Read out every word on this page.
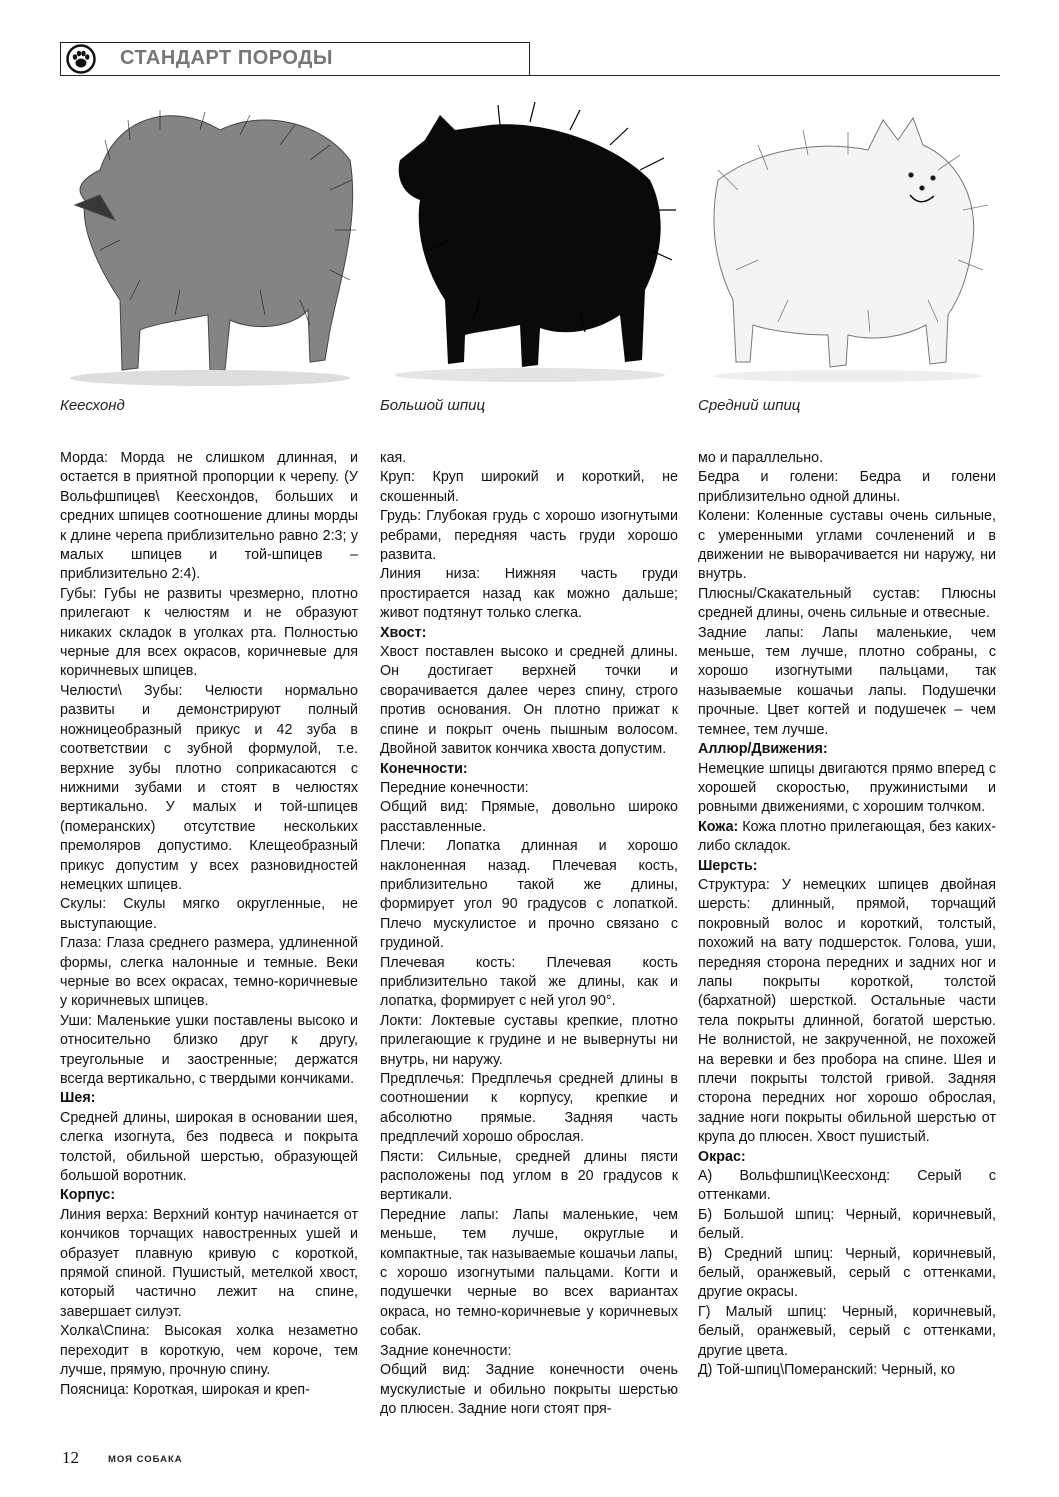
СТАНДАРТ ПОРОДЫ
Кеесхонд	Большой шпиц	Средний шпиц

Морда: Морда не слишком длинная, и остается в приятной пропорции к черепу. (У Вольфшпицев\ Кеесхондов, больших и средних шпицев соотношение длины морды к длине черепа приблизительно равно 2:3; у малых шпицев и той-шпицев – приблизительно 2:4).

Губы: Губы не развиты чрезмерно, плотно прилегают к челюстям и не образуют никаких складок в уголках рта. Полностью черные для всех окрасов, коричневые для коричневых шпицев.

Челюсти\ Зубы: Челюсти нормально развиты и демонстрируют полный ножницеобразный прикус и 42 зуба в соответствии с зубной формулой, т.е. верхние зубы плотно соприкасаются с нижними зубами и стоят в челюстях вертикально. У малых и той-шпицев (померанских) отсутствие нескольких премоляров допустимо. Клещеобразный прикус допустим у всех разновидностей немецких шпицев.

Скулы: Скулы мягко округленные, не выступающие.

Глаза: Глаза среднего размера, удлиненной формы, слегка налонные и темные. Веки черные во всех окрасах, темно-коричневые у коричневых шпицев.

Уши: Маленькие ушки поставлены высоко и относительно близко друг к другу, треугольные и заостренные; держатся всегда вертикально, с твердыми кончиками.

Шея:

Средней длины, широкая в основании шея, слегка изогнута, без подвеса и покрыта толстой, обильной шерстью, образующей большой воротник.

Корпус:

Линия верха: Верхний контур начинается от кончиков торчащих навостренных ушей и образует плавную кривую с короткой, прямой спиной. Пушистый, метелкой хвост, который частично лежит на спине, завершает силуэт.

Холка\Спина: Высокая холка незаметно переходит в короткую, чем короче, тем лучше, прямую, прочную спину.

Поясница: Короткая, широкая и креп-

кая.

Круп: Круп широкий и короткий, не скошенный.

Грудь: Глубокая грудь с хорошо изогнутыми ребрами, передняя часть груди хорошо развита.

Линия низа: Нижняя часть груди простирается назад как можно дальше; живот подтянут только слегка.

Хвост:

Хвост поставлен высоко и средней длины. Он достигает верхней точки и сворачивается далее через спину, строго против основания. Он плотно прижат к спине и покрыт очень пышным волосом. Двойной завиток кончика хвоста допустим.

Конечности:

Передние конечности:

Общий вид: Прямые, довольно широко расставленные.

Плечи: Лопатка длинная и хорошо наклоненная назад. Плечевая кость, приблизительно такой же длины, формирует угол 90 градусов с лопаткой. Плечо мускулистое и прочно связано с грудиной.

Плечевая кость: Плечевая кость приблизительно такой же длины, как и лопатка, формирует с ней угол 90°.

Локти: Локтевые суставы крепкие, плотно прилегающие к грудине и не вывернуты ни внутрь, ни наружу.

Предплечья: Предплечья средней длины в соотношении к корпусу, крепкие и абсолютно прямые. Задняя часть предплечий хорошо оброслая.

Пясти: Сильные, средней длины пясти расположены под углом в 20 градусов к вертикали.

Передние лапы: Лапы маленькие, чем меньше, тем лучше, округлые и компактные, так называемые кошачьи лапы, с хорошо изогнутыми пальцами. Когти и подушечки черные во всех вариантах окраса, но темно-коричневые у коричневых собак.

Задние конечности:

Общий вид: Задние конечности очень мускулистые и обильно покрыты шерстью до плюсен. Задние ноги стоят пря-

мо и параллельно.

Бедра и голени: Бедра и голени приблизительно одной длины.

Колени: Коленные суставы очень сильные, с умеренными углами сочленений и в движении не выворачивается ни наружу, ни внутрь.

Плюсны/Скакательный сустав: Плюсны средней длины, очень сильные и отвесные.

Задние лапы: Лапы маленькие, чем меньше, тем лучше, плотно собраны, с хорошо изогнутыми пальцами, так называемые кошачьи лапы. Подушечки прочные. Цвет когтей и подушечек – чем темнее, тем лучше.

Аллюр/Движения:

Немецкие шпицы двигаются прямо вперед с хорошей скоростью, пружинистыми и ровными движениями, с хорошим толчком.

Кожа: Кожа плотно прилегающая, без каких-либо складок.

Шерсть:

Структура: У немецких шпицев двойная шерсть: длинный, прямой, торчащий покровный волос и короткий, толстый, похожий на вату подшерсток. Голова, уши, передняя сторона передних и задних ног и лапы покрыты короткой, толстой (бархатной) шерсткой. Остальные части тела покрыты длинной, богатой шерстью. Не волнистой, не закрученной, не похожей на веревки и без пробора на спине. Шея и плечи покрыты толстой гривой. Задняя сторона передних ног хорошо оброслая, задние ноги покрыты обильной шерстью от крупа до плюсен. Хвост пушистый.

Окрас:

А) Вольфшпиц\Кеесхонд: Серый с оттенками.

Б) Большой шпиц: Черный, коричневый, белый.

В) Средний шпиц: Черный, коричневый, белый, оранжевый, серый с оттенками, другие окрасы.

Г) Малый шпиц: Черный, коричневый, белый, оранжевый, серый с оттенками, другие цвета.

Д) Той-шпиц\Померанский: Черный, ко

12	МОЯ СОБАКА
